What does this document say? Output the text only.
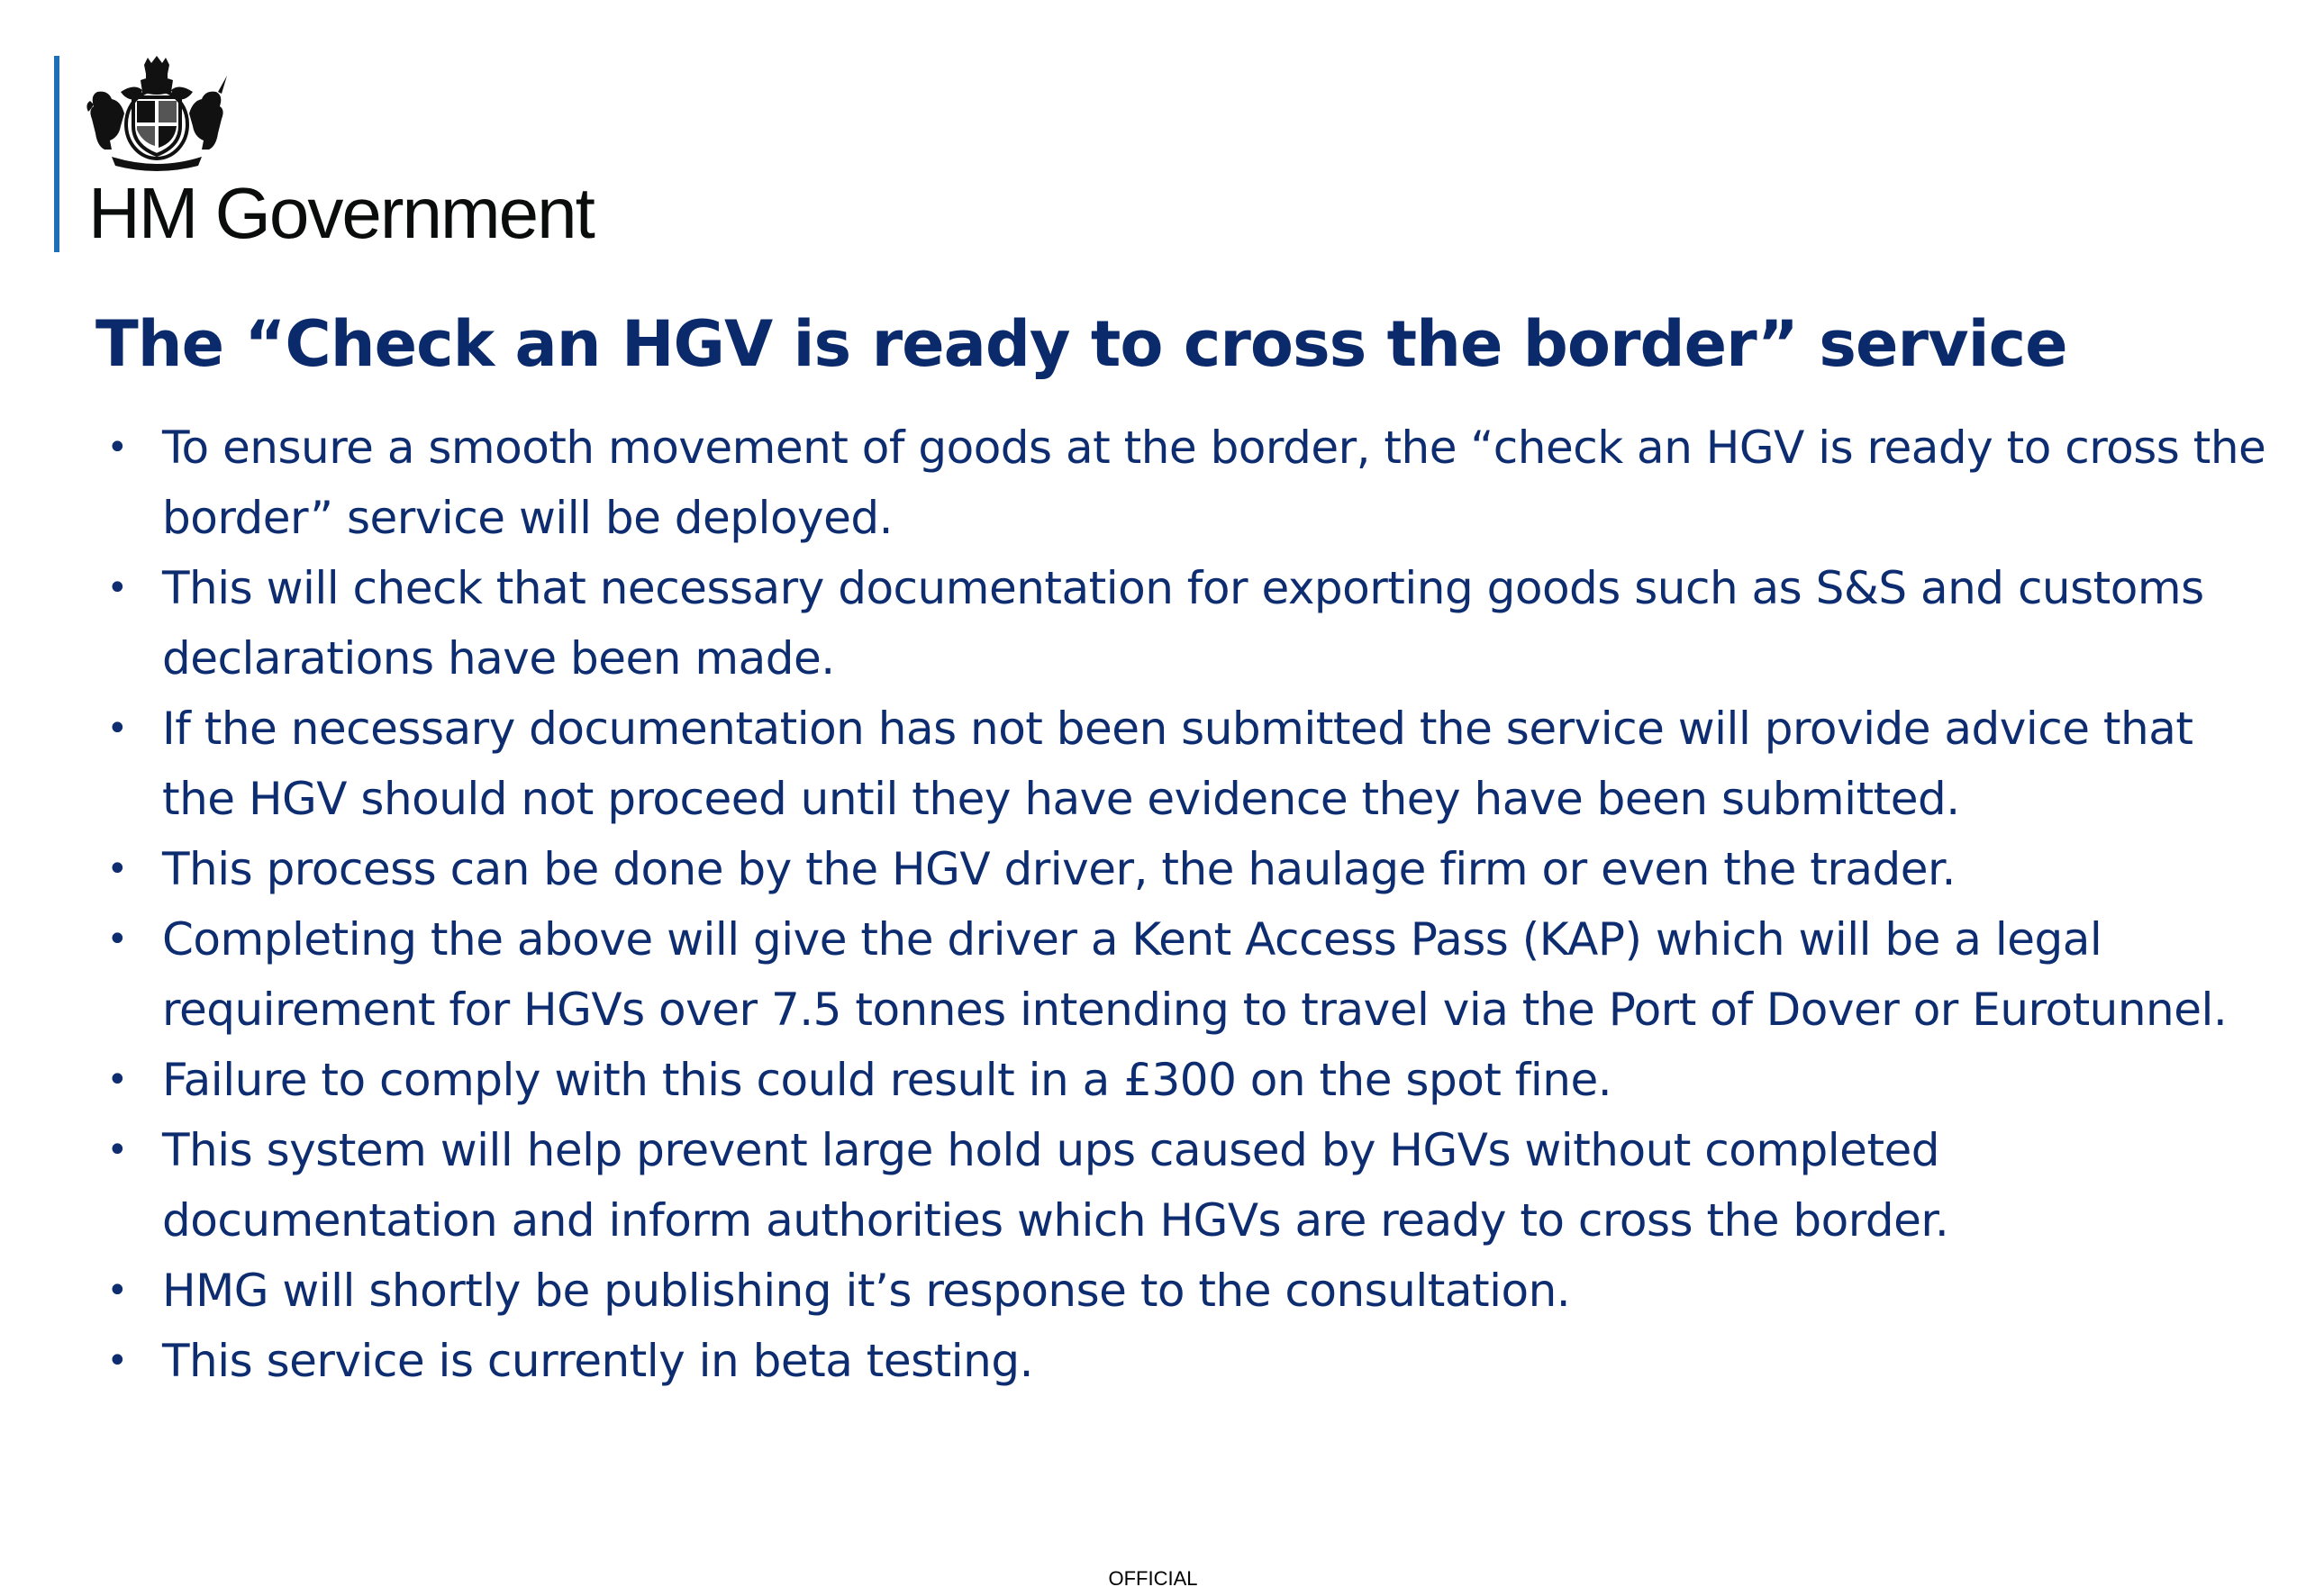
HM Government
The “Check an HGV is ready to cross the border” service
• To ensure a smooth movement of goods at the border, the “check an HGV is ready to cross the border” service will be deployed.
• This will check that necessary documentation for exporting goods such as S&S and customs declarations have been made.
• If the necessary documentation has not been submitted the service will provide advice that the HGV should not proceed until they have evidence they have been submitted.
• This process can be done by the HGV driver, the haulage firm or even the trader.
• Completing the above will give the driver a Kent Access Pass (KAP) which will be a legal requirement for HGVs over 7.5 tonnes intending to travel via the Port of Dover or Eurotunnel.
• Failure to comply with this could result in a £300 on the spot fine.
• This system will help prevent large hold ups caused by HGVs without completed documentation and inform authorities which HGVs are ready to cross the border.
• HMG will shortly be publishing it’s response to the consultation.
• This service is currently in beta testing.
OFFICIAL
